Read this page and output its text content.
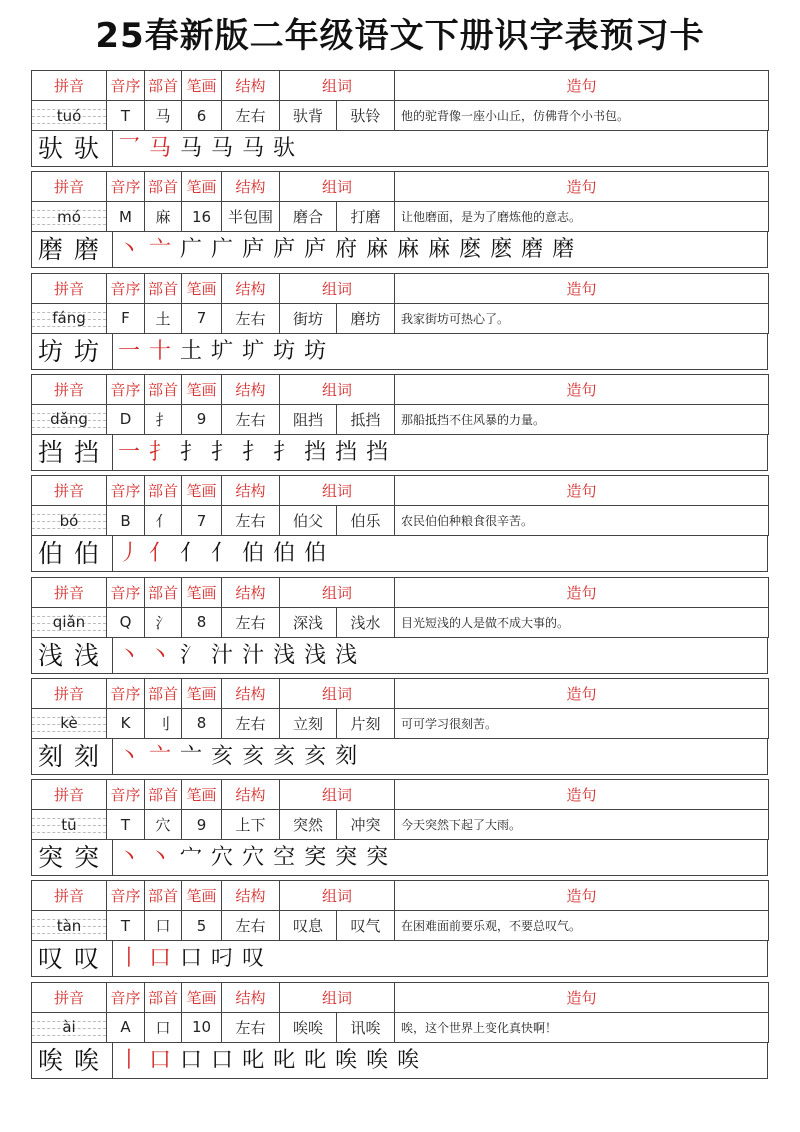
25春新版二年级语文下册识字表预习卡
拼音	音序	部首	笔画	结构	组词		造句

tuó	T	马	6	左右	驮背	驮铃	他的驼背像一座小山丘，仿佛背个小书包。
驮 驮 乛马马马马驮
拼音	音序	部首	笔画	结构	组词		造句

mó	M	麻	16	半包围	磨合	打磨	让他磨面，是为了磨炼他的意志。
磨 磨 丶亠广广庐庐庐府麻麻麻麽麽磨磨
拼音	音序	部首	笔画	结构	组词		造句

fáng	F	土	7	左右	街坊	磨坊	我家街坊可热心了。
坊 坊 一十土圹圹坊坊
拼音	音序	部首	笔画	结构	组词		造句

dǎng	D	扌	9	左右	阻挡	抵挡	那船抵挡不住风暴的力量。
挡 挡 一扌扌扌扌扌挡挡挡
拼音	音序	部首	笔画	结构	组词		造句

bó	B	亻	7	左右	伯父	伯乐	农民伯伯种粮食很辛苦。
伯 伯 丿亻亻亻伯伯伯
拼音	音序	部首	笔画	结构	组词		造句

qiǎn	Q	氵	8	左右	深浅	浅水	目光短浅的人是做不成大事的。
浅 浅 丶丶氵汁汁浅浅浅
拼音	音序	部首	笔画	结构	组词		造句

kè	K	刂	8	左右	立刻	片刻	可可学习很刻苦。
刻 刻 丶亠亠亥亥亥亥刻
拼音	音序	部首	笔画	结构	组词		造句

tū	T	穴	9	上下	突然	冲突	今天突然下起了大雨。
突 突 丶丶宀穴穴空穾突突
拼音	音序	部首	笔画	结构	组词		造句

tàn	T	口	5	左右	叹息	叹气	在困难面前要乐观，不要总叹气。
叹 叹 丨口口叼叹
拼音	音序	部首	笔画	结构	组词		造句

ài	A	口	10	左右	唉唉	讯唉	唉，这个世界上变化真快啊！
唉 唉 丨口口口叱叱叱唉唉唉
